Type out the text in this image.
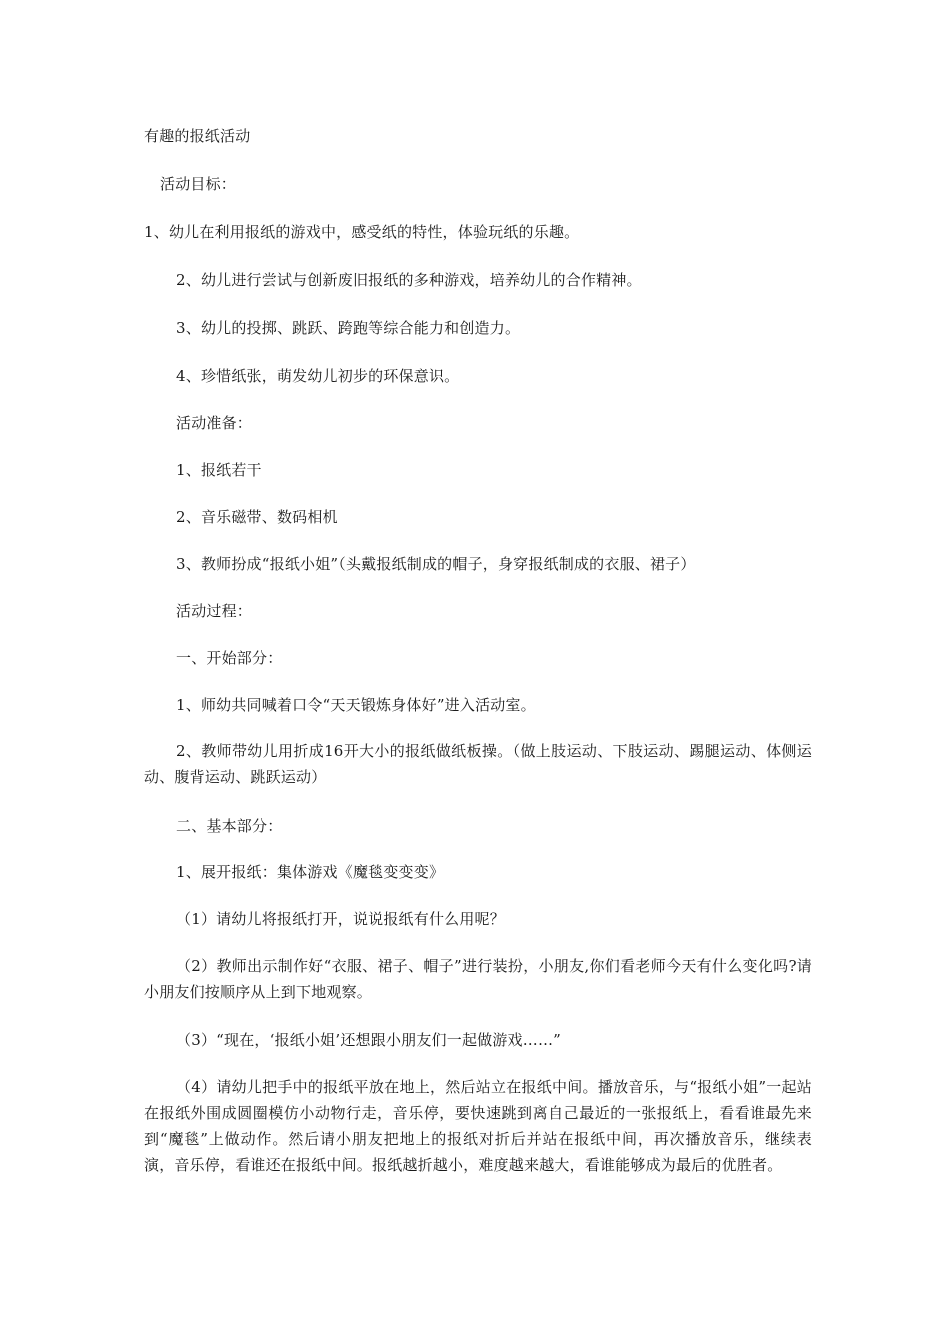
有趣的报纸活动
活动目标：
1、幼儿在利用报纸的游戏中，感受纸的特性，体验玩纸的乐趣。
2、幼儿进行尝试与创新废旧报纸的多种游戏，培养幼儿的合作精神。
3、幼儿的投掷、跳跃、跨跑等综合能力和创造力。
4、珍惜纸张，萌发幼儿初步的环保意识。
活动准备：
1、报纸若干
2、音乐磁带、数码相机
3、教师扮成“报纸小姐”（头戴报纸制成的帽子，身穿报纸制成的衣服、裙子）
活动过程：
一、开始部分：
1、师幼共同喊着口令“天天锻炼身体好”进入活动室。
2、教师带幼儿用折成16开大小的报纸做纸板操。（做上肢运动、下肢运动、踢腿运动、体侧运动、腹背运动、跳跃运动）
二、基本部分：
1、展开报纸：集体游戏《魔毯变变变》
（1）请幼儿将报纸打开，说说报纸有什么用呢？
（2）教师出示制作好“衣服、裙子、帽子”进行装扮，小朋友,你们看老师今天有什么变化吗?请小朋友们按顺序从上到下地观察。
（3）“现在，‘报纸小姐’还想跟小朋友们一起做游戏……”
（4）请幼儿把手中的报纸平放在地上，然后站立在报纸中间。播放音乐，与“报纸小姐”一起站在报纸外围成圆圈模仿小动物行走，音乐停，要快速跳到离自己最近的一张报纸上，看看谁最先来到“魔毯”上做动作。然后请小朋友把地上的报纸对折后并站在报纸中间，再次播放音乐，继续表演，音乐停，看谁还在报纸中间。报纸越折越小，难度越来越大，看谁能够成为最后的优胜者。
